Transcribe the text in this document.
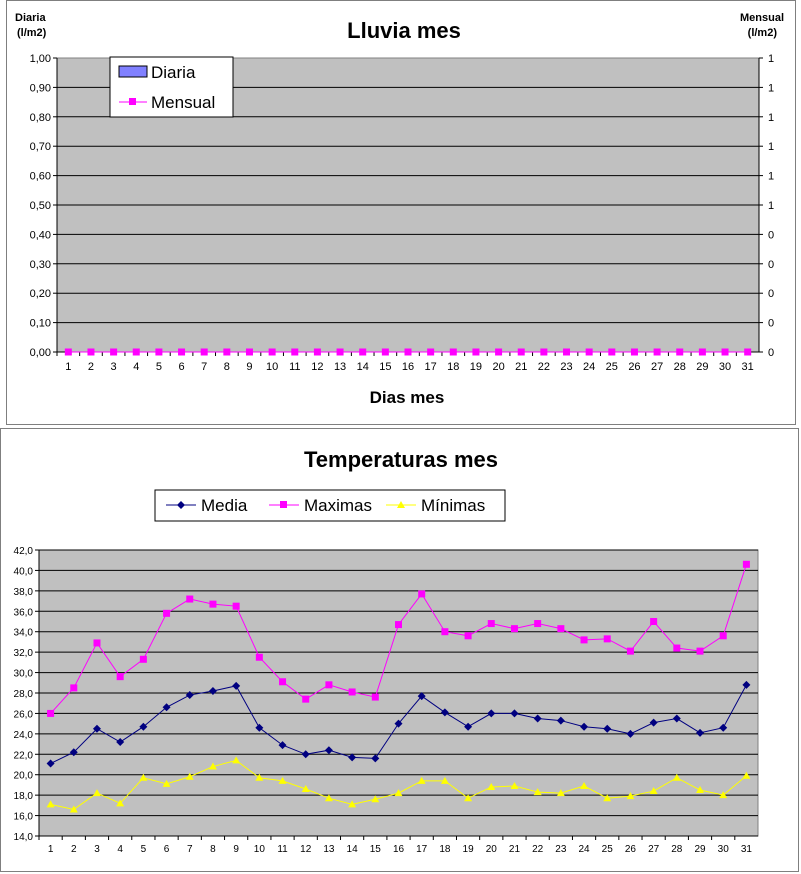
Lluvia mes
Diaria
(l/m2)
Mensual
(l/m2)
Dias mes
0,00	0
0,10	0
0,20	0
0,30	0
0,40	0
0,50	1
0,60	1
0,70	1
0,80	1
0,90	1
1,00	1
1 2 3 4 5 6 7 8 9 10 11 12 13 14 15 16 17 18 19 20 21 22 23 24 25 26 27 28 29 30 31
Diaria
Mensual
Temperaturas mes
14,0
16,0
18,0
20,0
22,0
24,0
26,0
28,0
30,0
32,0
34,0
36,0
38,0
40,0
42,0
1 2 3 4 5 6 7 8 9 10 11 12 13 14 15 16 17 18 19 20 21 22 23 24 25 26 27 28 29 30 31
Media	Maximas	Mínimas
